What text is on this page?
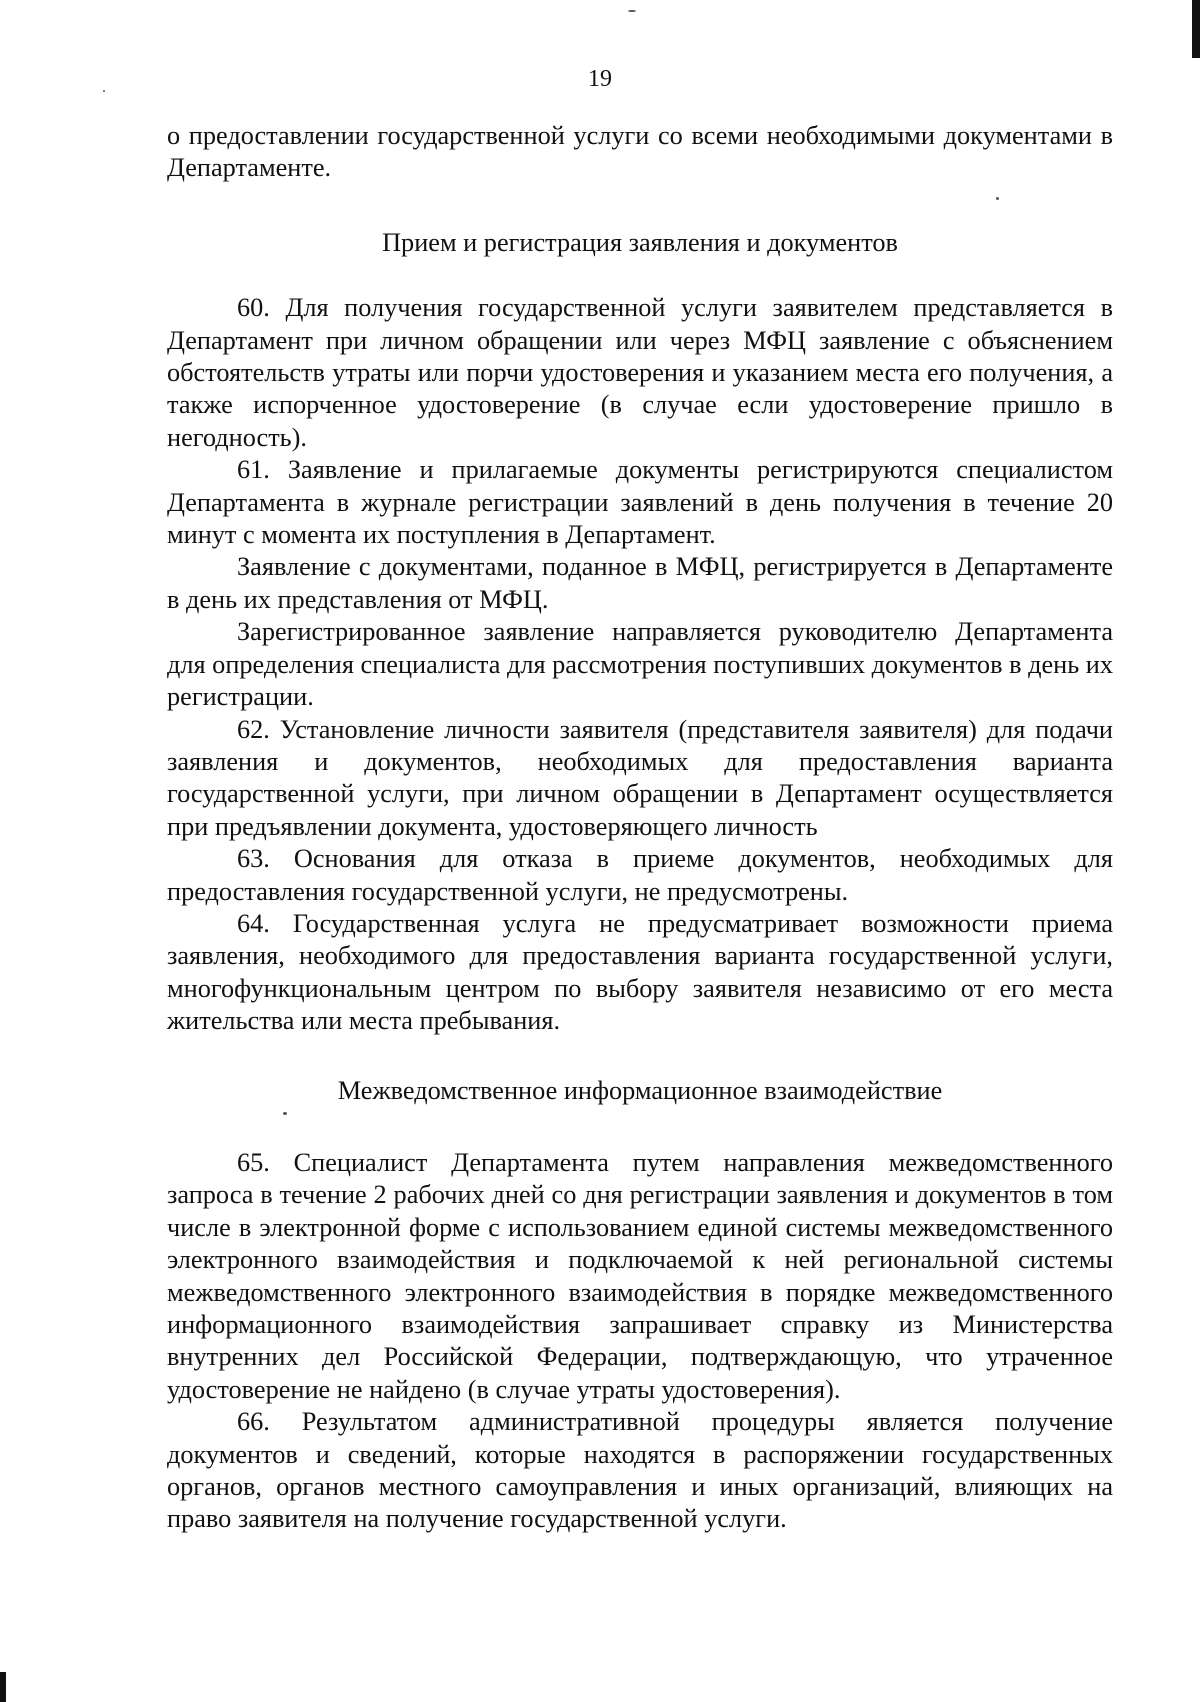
19

о предоставлении государственной услуги со всеми необходимыми документами в Департаменте.

Прием и регистрация заявления и документов

60. Для получения государственной услуги заявителем представляется в Департамент при личном обращении или через МФЦ заявление с объяснением обстоятельств утраты или порчи удостоверения и указанием места его получения, а также испорченное удостоверение (в случае если удостоверение пришло в негодность).

61. Заявление и прилагаемые документы регистрируются специалистом Департамента в журнале регистрации заявлений в день получения в течение 20 минут с момента их поступления в Департамент.

Заявление с документами, поданное в МФЦ, регистрируется в Департаменте в день их представления от МФЦ.

Зарегистрированное заявление направляется руководителю Департамента для определения специалиста для рассмотрения поступивших документов в день их регистрации.

62. Установление личности заявителя (представителя заявителя) для подачи заявления и документов, необходимых для предоставления варианта государственной услуги, при личном обращении в Департамент осуществляется при предъявлении документа, удостоверяющего личность

63. Основания для отказа в приеме документов, необходимых для предоставления государственной услуги, не предусмотрены.

64. Государственная услуга не предусматривает возможности приема заявления, необходимого для предоставления варианта государственной услуги, многофункциональным центром по выбору заявителя независимо от его места жительства или места пребывания.

Межведомственное информационное взаимодействие

65. Специалист Департамента путем направления межведомственного запроса в течение 2 рабочих дней со дня регистрации заявления и документов в том числе в электронной форме с использованием единой системы межведомственного электронного взаимодействия и подключаемой к ней региональной системы межведомственного электронного взаимодействия в порядке межведомственного информационного взаимодействия запрашивает справку из Министерства внутренних дел Российской Федерации, подтверждающую, что утраченное удостоверение не найдено (в случае утраты удостоверения).

66. Результатом административной процедуры является получение документов и сведений, которые находятся в распоряжении государственных органов, органов местного самоуправления и иных организаций, влияющих на право заявителя на получение государственной услуги.
